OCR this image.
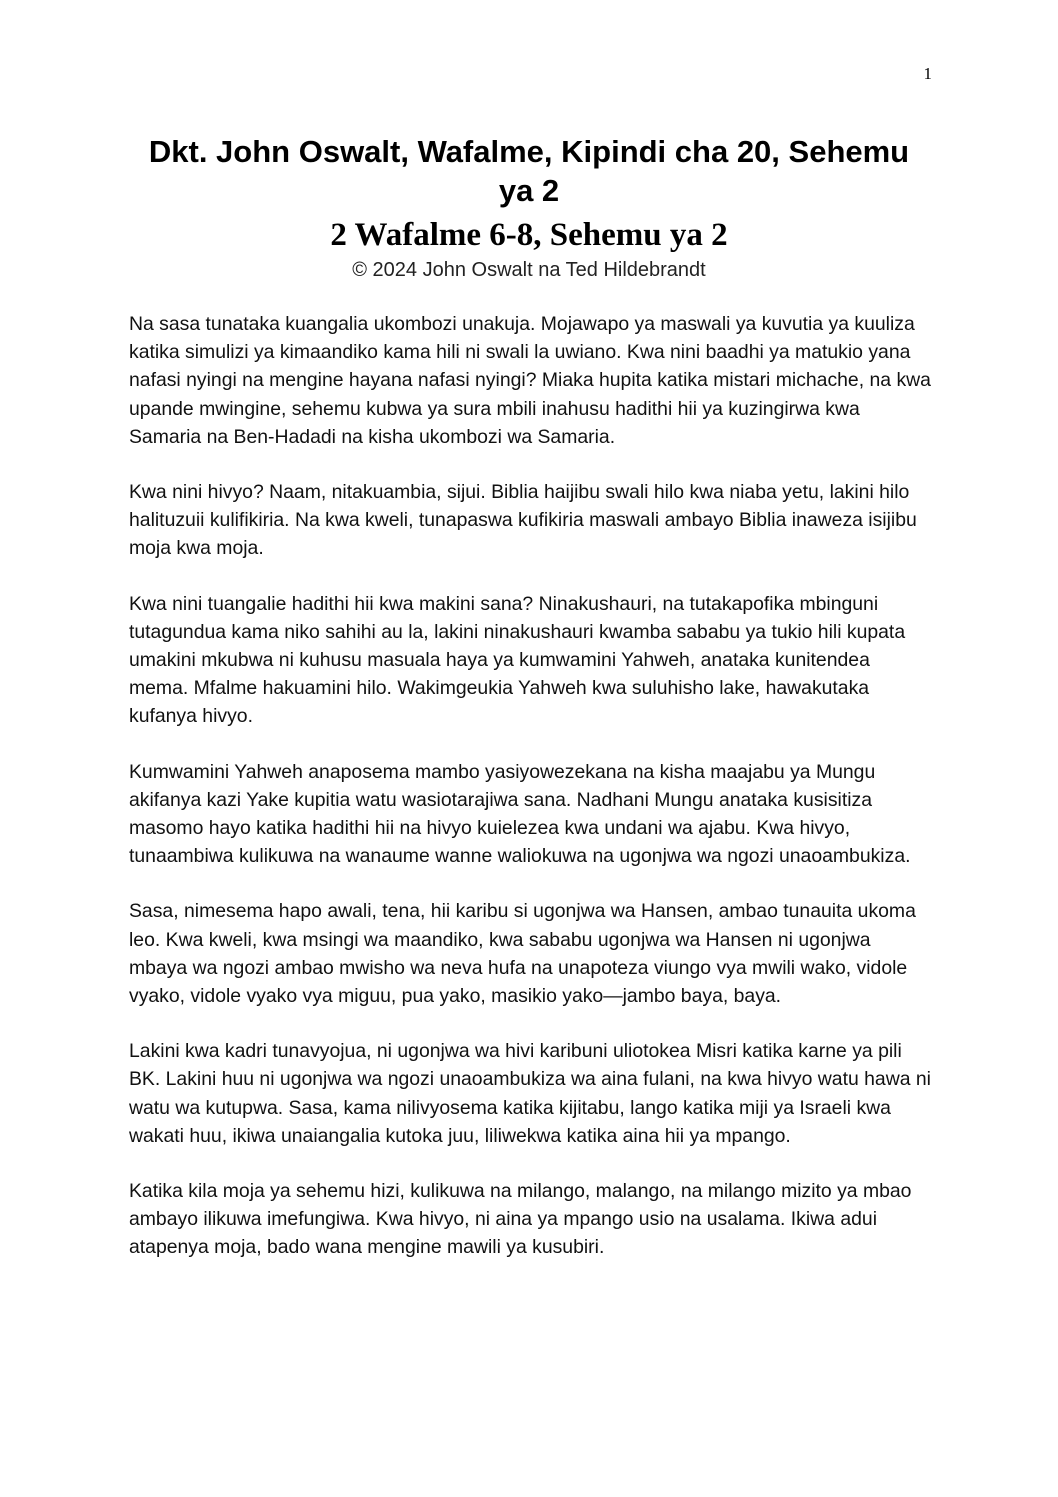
1
Dkt. John Oswalt, Wafalme, Kipindi cha 20, Sehemu ya 2
2 Wafalme 6-8, Sehemu ya 2
© 2024 John Oswalt na Ted Hildebrandt

Na sasa tunataka kuangalia ukombozi unakuja. Mojawapo ya maswali ya kuvutia ya kuuliza katika simulizi ya kimaandiko kama hili ni swali la uwiano. Kwa nini baadhi ya matukio yana nafasi nyingi na mengine hayana nafasi nyingi? Miaka hupita katika mistari michache, na kwa upande mwingine, sehemu kubwa ya sura mbili inahusu hadithi hii ya kuzingirwa kwa Samaria na Ben-Hadadi na kisha ukombozi wa Samaria.

Kwa nini hivyo? Naam, nitakuambia, sijui. Biblia haijibu swali hilo kwa niaba yetu, lakini hilo halituzuii kulifikiria. Na kwa kweli, tunapaswa kufikiria maswali ambayo Biblia inaweza isijibu moja kwa moja.

Kwa nini tuangalie hadithi hii kwa makini sana? Ninakushauri, na tutakapofika mbinguni tutagundua kama niko sahihi au la, lakini ninakushauri kwamba sababu ya tukio hili kupata umakini mkubwa ni kuhusu masuala haya ya kumwamini Yahweh, anataka kunitendea mema. Mfalme hakuamini hilo. Wakimgeukia Yahweh kwa suluhisho lake, hawakutaka kufanya hivyo.

Kumwamini Yahweh anaposema mambo yasiyowezekana na kisha maajabu ya Mungu akifanya kazi Yake kupitia watu wasiotarajiwa sana. Nadhani Mungu anataka kusisitiza masomo hayo katika hadithi hii na hivyo kuielezea kwa undani wa ajabu. Kwa hivyo, tunaambiwa kulikuwa na wanaume wanne waliokuwa na ugonjwa wa ngozi unaoambukiza.

Sasa, nimesema hapo awali, tena, hii karibu si ugonjwa wa Hansen, ambao tunauita ukoma leo. Kwa kweli, kwa msingi wa maandiko, kwa sababu ugonjwa wa Hansen ni ugonjwa mbaya wa ngozi ambao mwisho wa neva hufa na unapoteza viungo vya mwili wako, vidole vyako, vidole vyako vya miguu, pua yako, masikio yako—jambo baya, baya.

Lakini kwa kadri tunavyojua, ni ugonjwa wa hivi karibuni uliotokea Misri katika karne ya pili BK. Lakini huu ni ugonjwa wa ngozi unaoambukiza wa aina fulani, na kwa hivyo watu hawa ni watu wa kutupwa. Sasa, kama nilivyosema katika kijitabu, lango katika miji ya Israeli kwa wakati huu, ikiwa unaiangalia kutoka juu, liliwekwa katika aina hii ya mpango.

Katika kila moja ya sehemu hizi, kulikuwa na milango, malango, na milango mizito ya mbao ambayo ilikuwa imefungiwa. Kwa hivyo, ni aina ya mpango usio na usalama. Ikiwa adui atapenya moja, bado wana mengine mawili ya kusubiri.
